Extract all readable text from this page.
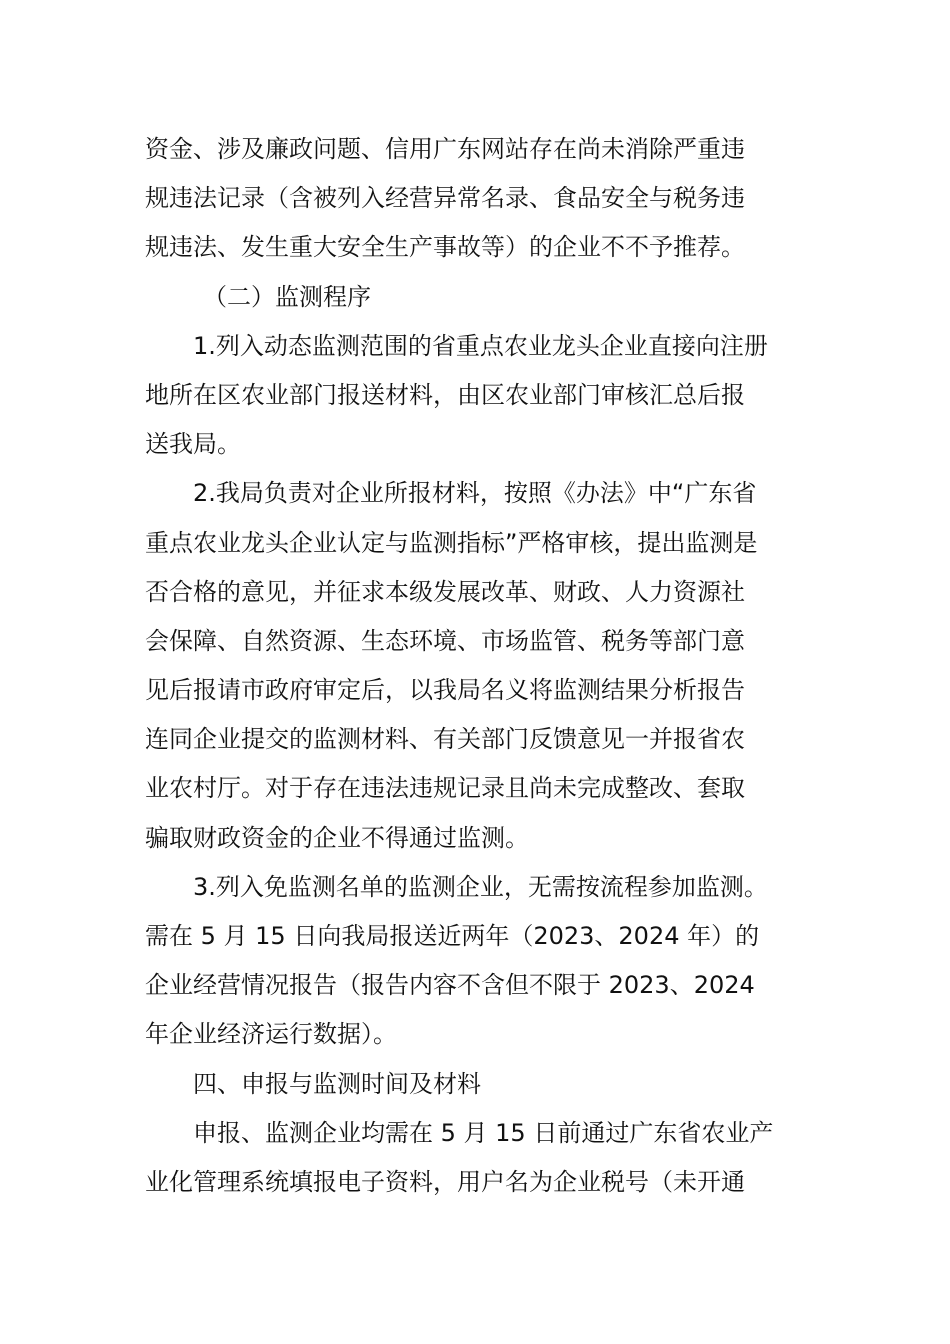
资金、涉及廉政问题、信用广东网站存在尚未消除严重违
规违法记录（含被列入经营异常名录、食品安全与税务违
规违法、发生重大安全生产事故等）的企业不不予推荐。
（二）监测程序
1.列入动态监测范围的省重点农业龙头企业直接向注册
地所在区农业部门报送材料，由区农业部门审核汇总后报
送我局。
2.我局负责对企业所报材料，按照《办法》中“广东省
重点农业龙头企业认定与监测指标”严格审核，提出监测是
否合格的意见，并征求本级发展改革、财政、人力资源社
会保障、自然资源、生态环境、市场监管、税务等部门意
见后报请市政府审定后，以我局名义将监测结果分析报告
连同企业提交的监测材料、有关部门反馈意见一并报省农
业农村厅。对于存在违法违规记录且尚未完成整改、套取
骗取财政资金的企业不得通过监测。
3.列入免监测名单的监测企业，无需按流程参加监测。
需在 5 月 15 日向我局报送近两年（2023、2024 年）的
企业经营情况报告（报告内容不含但不限于 2023、2024
年企业经济运行数据）。
四、申报与监测时间及材料
申报、监测企业均需在 5 月 15 日前通过广东省农业产
业化管理系统填报电子资料，用户名为企业税号（未开通
